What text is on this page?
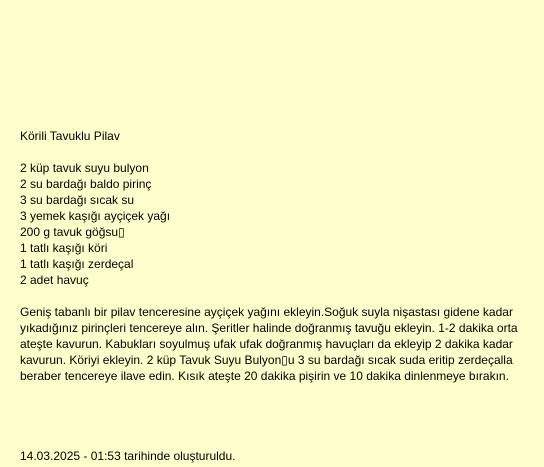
Körili Tavuklu Pilav
2 küp tavuk suyu bulyon
2 su bardağı baldo pirinç
3 su bardağı sıcak su
3 yemek kaşığı ayçiçek yağı
200 g tavuk göğsu▯
1 tatlı kaşığı köri
1 tatlı kaşığı zerdeçal
2 adet havuç

Geniş tabanlı bir pilav tenceresine ayçiçek yağını ekleyin.Soğuk suyla nişastası gidene kadar yıkadığınız pirinçleri tencereye alın. Şeritler halinde doğranmış tavuğu ekleyin. 1-2 dakika orta ateşte kavurun. Kabukları soyulmuş ufak ufak doğranmış havuçları da ekleyip 2 dakika kadar kavurun. Köriyi ekleyin. 2 küp Tavuk Suyu Bulyon▯u 3 su bardağı sıcak suda eritip zerdeçalla beraber tencereye ilave edin. Kısık ateşte 20 dakika pişirin ve 10 dakika dinlenmeye bırakın.

14.03.2025 - 01:53 tarihinde oluşturuldu.
